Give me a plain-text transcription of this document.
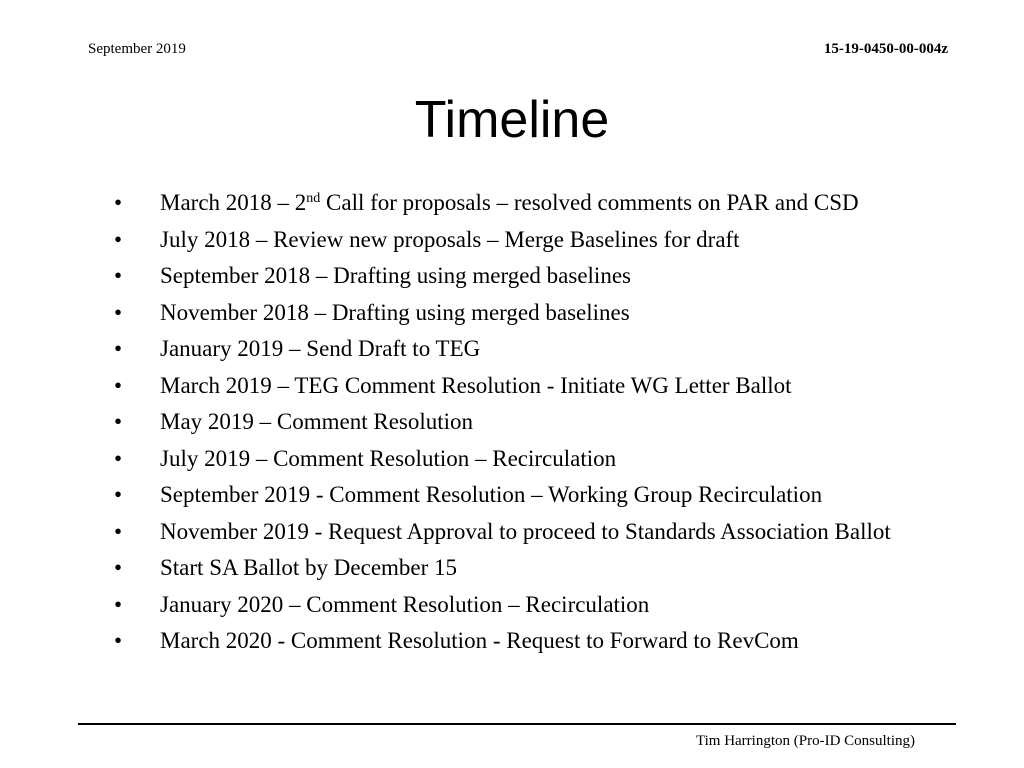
September 2019	15-19-0450-00-004z
Timeline
• March 2018 – 2nd Call for proposals – resolved comments on PAR and CSD
• July 2018 – Review new proposals – Merge Baselines for draft
• September 2018 – Drafting using merged baselines
• November 2018 – Drafting using merged baselines
• January 2019 – Send Draft to TEG
• March 2019 – TEG Comment Resolution - Initiate WG Letter Ballot
• May 2019 – Comment Resolution
• July 2019 – Comment Resolution – Recirculation
• September 2019 - Comment Resolution – Working Group Recirculation
• November 2019 - Request Approval to proceed to Standards Association Ballot
• Start SA Ballot by December 15
• January 2020 – Comment Resolution – Recirculation
• March 2020 - Comment Resolution - Request to Forward to RevCom
Tim Harrington (Pro-ID Consulting)
